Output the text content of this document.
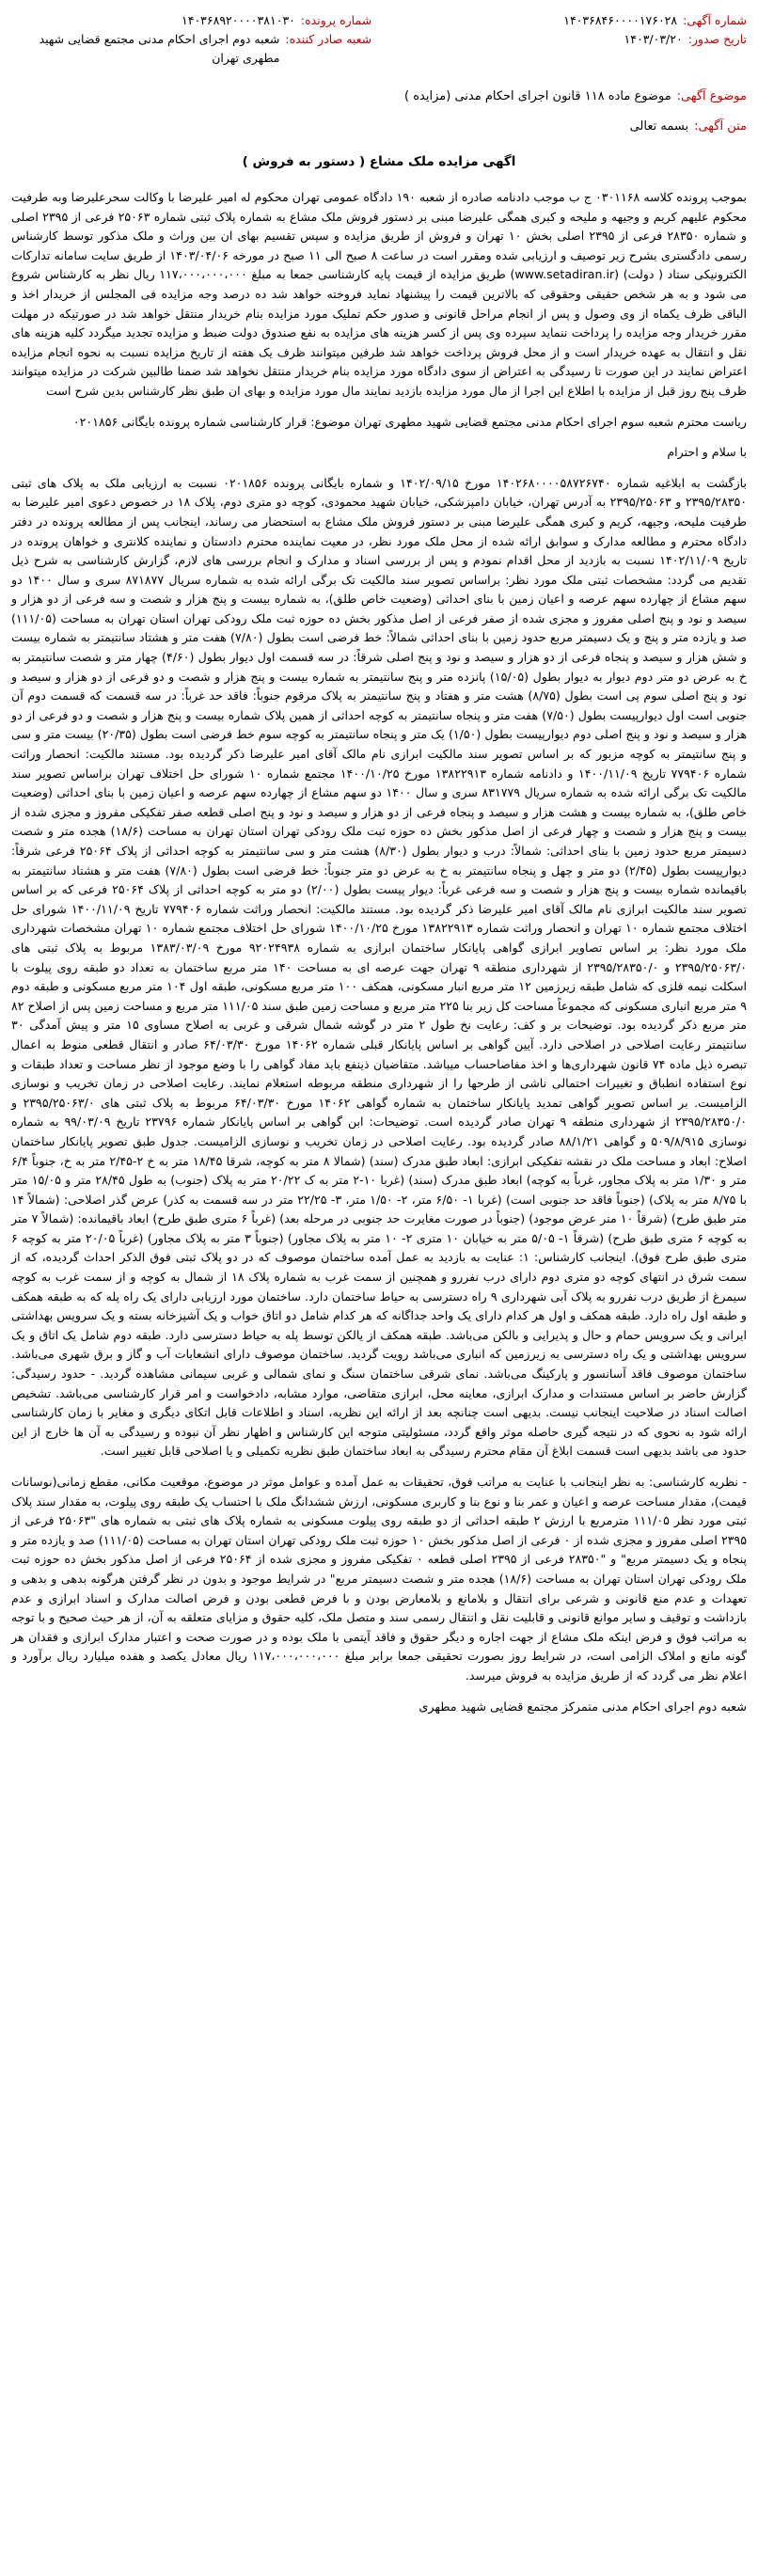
شماره آگهی:
۱۴۰۳۶۸۴۶۰۰۰۰۱۷۶۰۲۸
تاریخ صدور:
۱۴۰۳/۰۳/۲۰
شماره پرونده:
۱۴۰۳۶۸۹۲۰۰۰۰۳۸۱۰۳۰
شعبه صادر کننده:
شعبه دوم اجرای احکام مدنی مجتمع قضایی شهید مطهری تهران
موضوع آگهی:
موضوع ماده ۱۱۸ قانون اجرای احکام مدنی (مزایده )
متن آگهی:
بسمه تعالی
اگهی مزایده ملک مشاع ( دستور به فروش )

بموجب پرونده کلاسه ۰۳۰۱۱۶۸ ج ب موجب دادنامه صادره از شعبه ۱۹۰ دادگاه عمومی تهران محکوم له امیر علیرضا با وکالت سحرعلیرضا وبه طرفیت محکوم علیهم کریم و وجیهه و ملیحه و کبری همگی علیرضا مبنی بر دستور فروش ملک مشاع به شماره پلاک ثبتی شماره ۲۵۰۶۳ فرعی از ۲۳۹۵ اصلی و شماره ۲۸۳۵۰ فرعی از ۲۳۹۵ اصلی بخش ۱۰ تهران و فروش از طریق مزایده و سپس تقسیم بهای ان بین وراث و ملک مذکور توسط کارشناس رسمی دادگستری بشرح زیر توصیف و ارزیابی شده ومقرر است در ساعت ۸ صبح الی ۱۱ صبح در مورخه ۱۴۰۳/۰۴/۰۶ از طریق سایت سامانه تدارکات الکترونیکی ستاد ( دولت) (www.setadiran.ir) طریق مزایده از قیمت پایه کارشناسی جمعا به مبلغ ۱۱۷،۰۰۰،۰۰۰،۰۰۰ ریال نظر به کارشناس شروع می شود و به هر شخص حقیقی وحقوقی که بالاترین قیمت را پیشنهاد نماید فروخته خواهد شد ده درصد وجه مزایده فی المجلس از خریدار اخذ و الباقی ظرف یکماه از وی وصول و پس از انجام مراحل قانونی و صدور حکم تملیک مورد مزایده بنام خریدار منتقل خواهد شد در صورتیکه در مهلت مقرر خریدار وجه مزایده را پرداخت ننماید سپرده وی پس از کسر هزینه های مزایده به نفع صندوق دولت ضبط و مزایده تجدید میگردد کلیه هزینه های نقل و انتقال به عهده خریدار است و از محل فروش پرداخت خواهد شد طرفین میتوانند ظرف یک هفته از تاریخ مزایده نسبت به نحوه انجام مزایده اعتراض نمایند در این صورت تا رسیدگی به اعتراض از سوی دادگاه مورد مزایده بنام خریدار منتقل نخواهد شد ضمنا طالبین شرکت در مزایده میتوانند ظرف پنج روز قبل از مزایده با اطلاع این اجرا از مال مورد مزایده بازدید نمایند مال مورد مزایده و بهای ان طبق نظر کارشناس بدین شرح است

ریاست محترم شعبه سوم اجرای احکام مدنی مجتمع قضایی شهید مطهری تهران موضوع: قرار کارشناسی شماره پرونده بایگانی ۰۲۰۱۸۵۶

با سلام و احترام

بازگشت به ابلاغیه شماره ۱۴۰۲۶۸۰۰۰۰۵۸۷۲۶۷۴۰ مورخ ۱۴۰۲/۰۹/۱۵ و شماره بایگانی پرونده ۰۲۰۱۸۵۶ نسبت به ارزیابی ملک به پلاک های ثبتی ۲۳۹۵/۲۸۳۵۰ و ۲۳۹۵/۲۵۰۶۳ به آدرس تهران، خیابان دامپزشکی، خیابان شهید محمودی، کوچه دو متری دوم، پلاک ۱۸ در خصوص دعوی امیر علیرضا به طرفیت ملیحه، وجیهه، کریم و کبری همگی علیرضا مبنی بر دستور فروش ملک مشاع به استحضار می رساند، اینجانب پس از مطالعه پرونده در دفتر دادگاه محترم و مطالعه مدارک و سوابق ارائه شده از محل ملک مورد نظر، در معیت نماینده محترم دادستان و نماینده کلانتری و خواهان پرونده در تاریخ ۱۴۰۲/۱۱/۰۹ نسبت به بازدید از محل اقدام نمودم و پس از بررسی اسناد و مدارک و انجام بررسی های لازم، گزارش کارشناسی به شرح ذیل تقدیم می گردد: مشخصات ثبتی ملک مورد نظر: براساس تصویر سند مالکیت تک برگی ارائه شده به شماره سریال ۸۷۱۸۷۷ سری و سال ۱۴۰۰ دو سهم مشاع از چهارده سهم عرصه و اعیان زمین با بنای احداثی (وضعیت خاص طلق)، به شماره بیست و پنج هزار و شصت و سه فرعی از دو هزار و سیصد و نود و پنج اصلی مفروز و مجزی شده از صفر فرعی از اصل مذکور بخش ده حوزه ثبت ملک رودکی تهران استان تهران به مساحت (۱۱۱/۰۵) صد و یازده متر و پنج و یک دسیمتر مربع حدود زمین با بنای احداثی شمالاً: خط فرضی است بطول (۷/۸۰) هفت متر و هشتاد سانتیمتر به شماره بیست و شش هزار و سیصد و پنجاه فرعی از دو هزار و سیصد و نود و پنج اصلی شرقاً: در سه قسمت اول دیوار بطول (۴/۶۰) چهار متر و شصت سانتیمتر به خ به عرض دو متر دوم دیوار به دیوار بطول (۱۵/۰۵) پانزده متر و پنج سانتیمتر به شماره بیست و پنج هزار و شصت و دو فرعی از دو هزار و سیصد و نود و پنج اصلی سوم پی است بطول (۸/۷۵) هشت متر و هفتاد و پنج سانتیمتر به پلاک مرقوم جنوباً: فاقد حد غرباً: در سه قسمت که قسمت دوم آن جنوبی است اول دیوارپیست بطول (۷/۵۰) هفت متر و پنجاه سانتیمتر به کوچه احداثی از همین پلاک شماره بیست و پنج هزار و شصت و دو فرعی از دو هزار و سیصد و نود و پنج اصلی دوم دیوارپیست بطول (۱/۵۰) یک متر و پنجاه سانتیمتر به کوچه سوم خط فرضی است بطول (۲۰/۳۵) بیست متر و سی و پنج سانتیمتر به کوچه مزبور که بر اساس تصویر سند مالکیت ابرازی نام مالک آقای امیر علیرضا ذکر گردیده بود. مستند مالکیت: انحصار وراثت شماره ۷۷۹۴۰۶ تاریخ ۱۴۰۰/۱۱/۰۹ و دادنامه شماره ۱۳۸۲۲۹۱۳ مورخ ۱۴۰۰/۱۰/۲۵ مجتمع شماره ۱۰ شورای حل اختلاف تهران براساس تصویر سند مالکیت تک برگی ارائه شده به شماره سریال ۸۳۱۷۷۹ سری و سال ۱۴۰۰ دو سهم مشاع از چهارده سهم عرصه و اعیان زمین با بنای احداثی (وضعیت خاص طلق)، به شماره بیست و هشت هزار و سیصد و پنجاه فرعی از دو هزار و سیصد و نود و پنج اصلی قطعه صفر تفکیکی مفروز و مجزی شده از بیست و پنج هزار و شصت و چهار فرعی از اصل مذکور بخش ده حوزه ثبت ملک رودکی تهران استان تهران به مساحت (۱۸/۶) هجده متر و شصت دسیمتر مربع حدود زمین با بنای احداثی: شمالاً: درب و دیوار بطول (۸/۳۰) هشت متر و سی سانتیمتر به کوچه احداثی از پلاک ۲۵۰۶۴ فرعی شرقاً: دیوارپیست بطول (۲/۴۵) دو متر و چهل و پنجاه سانتیمتر به خ به عرض دو متر جنوباً: خط فرضی است بطول (۷/۸۰) هفت متر و هشتاد سانتیمتر به باقیمانده شماره بیست و پنج هزار و شصت و سه فرعی غرباً: دیوار پیست بطول (۲/۰۰) دو متر به کوچه احداثی از پلاک ۲۵۰۶۴ فرعی که بر اساس تصویر سند مالکیت ابرازی نام مالک آقای امیر علیرضا ذکر گردیده بود. مستند مالکیت: انحصار وراثت شماره ۷۷۹۴۰۶ تاریخ ۱۴۰۰/۱۱/۰۹ شورای حل اختلاف مجتمع شماره ۱۰ تهران و انحصار وراثت شماره ۱۳۸۲۲۹۱۳ مورخ ۱۴۰۰/۱۰/۲۵ شورای حل اختلاف مجتمع شماره ۱۰ تهران مشخصات شهرداری ملک مورد نظر: بر اساس تصاویر ابرازی گواهی پایانکار ساختمان ابرازی به شماره ۹۲۰۲۴۹۳۸ مورخ ۱۳۸۳/۰۳/۰۹ مربوط به پلاک ثبتی های ۲۳۹۵/۲۵۰۶۳/۰ و ۲۳۹۵/۲۸۳۵۰/۰ از شهرداری منطقه ۹ تهران جهت عرصه ای به مساحت ۱۴۰ متر مربع ساختمان به تعداد دو طبقه روی پیلوت با اسکلت نیمه فلزی که شامل طبقه زیرزمین ۱۲ متر مربع انبار مسکونی، همکف ۱۰۰ متر مربع مسکونی، طبقه اول ۱۰۴ متر مربع مسکونی و طبقه دوم ۹ متر مربع انباری مسکونی که مجموعاً مساحت کل زیر بنا ۲۲۵ متر مربع و مساحت زمین طبق سند ۱۱۱/۰۵ متر مربع و مساحت زمین پس از اصلاح ۸۲ متر مربع ذکر گردیده بود. توضیحات بر و کف: رعایت نخ طول ۲ متر در گوشه شمال شرقی و غربی به اصلاح مساوی ۱۵ متر و پیش آمدگی ۳۰ سانتیمتر رعایت اصلاحی در اصلاحی دارد. آیین گواهی بر اساس پایانکار قبلی شماره ۱۴۰۶۲ مورخ ۶۴/۰۳/۳۰ صادر و انتقال قطعی منوط به اعمال تبصره ذیل ماده ۷۴ قانون شهرداری‌ها و اخذ مفاصاحساب میباشد. متقاضیان ذینفع باید مفاد گواهی را با وضع موجود از نظر مساحت و تعداد طبقات و نوع استفاده انطباق و تغییرات احتمالی ناشی از طرحها را از شهرداری منطقه مربوطه استعلام نمایند. رعایت اصلاحی در زمان تخریب و نوسازی الزامیست. بر اساس تصویر گواهی تمدید پایانکار ساختمان به شماره گواهی ۱۴۰۶۲ مورخ ۶۴/۰۳/۳۰ مربوط به پلاک ثبتی های ۲۳۹۵/۲۵۰۶۳/۰ و ۲۳۹۵/۲۸۳۵۰/۰ از شهرداری منطقه ۹ تهران صادر گردیده است. توضیحات: ابن گواهی بر اساس پایانکار شماره ۲۳۷۹۶ تاریخ ۹۹/۰۳/۰۹ به شماره نوسازی ۵۰۹/۸/۹۱۵ و گواهی ۸۸/۱/۲۱ صادر گردیده بود. رعایت اصلاحی در زمان تخریب و نوسازی الزامیست. جدول طبق تصویر پایانکار ساختمان اصلاح: ابعاد و مساحت ملک در نقشه تفکیکی ابرازی: ابعاد طبق مدرک (سند) (شمالا ۸ متر به کوچه، شرقا ۱۸/۴۵ متر به خ ۲-۲/۴۵ متر به خ، جنوباً ۶/۴ متر و ۱/۳۰ متر به پلاک مجاور، غرباً به کوچه) ابعاد طبق مدرک (سند) (غربا ۱۰-۲ متر به ک ۲۰/۲۲ متر به پلاک (جنوب) به طول ۲۸/۴۵ متر و ۱۵/۰۵ متر با ۸/۷۵ متر به پلاک) (جنوباً فاقد حد جنوبی است) (غربا ۱- ۶/۵۰ متر، ۲- ۱/۵۰ متر، ۳- ۲۲/۲۵ متر در سه قسمت به کذر) عرض گذر اصلاحی: (شمالاً ۱۴ متر طبق طرح) (شرقاً ۱۰ متر عرض موجود) (جنوباً در صورت مغایرت حد جنوبی در مرحله بعد) (غرباً ۶ متری طبق طرح) ابعاد باقیمانده: (شمالاً ۷ متر به کوچه ۶ متری طبق طرح) (شرقاً ۱- ۵/۰۵ متر به خیابان ۱۰ متری ۲- ۱۰ متر به پلاک مجاور) (جنوباً ۳ متر به پلاک مجاور) (غرباً ۲۰/۰۵ متر به کوچه ۶ متری طبق طرح فوق). اینجانب کارشناس: ۱: عنایت به بازدید به عمل آمده ساختمان موصوف که در دو پلاک ثبتی فوق الذکر احداث گردیده، که از سمت شرق در انتهای کوچه دو متری دوم دارای درب نفررو و همچنین از سمت غرب به شماره پلاک ۱۸ از شمال به کوچه و از سمت غرب به کوچه سیمرغ از طریق درب نفررو به پلاک آبی شهرداری ۹ راه دسترسی به حیاط ساختمان دارد. ساختمان مورد ارزیابی دارای یک راه پله که به طبقه همکف و طبقه اول راه دارد. طبقه همکف و اول هر کدام دارای یک واحد جداگانه که هر کدام شامل دو اتاق خواب و یک آشپزخانه بسته و یک سرویس بهداشتی ایرانی و یک سرویس حمام و حال و پذیرایی و بالکن می‌باشد. طبقه همکف از یالکن توسط پله به حیاط دسترسی دارد. طبقه دوم شامل یک اتاق و یک سرویس بهداشتی و یک راه دسترسی به زیرزمین که انباری می‌باشد رویت گردید. ساختمان موصوف دارای انشعابات آب و گاز و برق شهری می‌باشد. ساختمان موصوف فاقد آسانسور و پارکینگ می‌باشد. نمای شرقی ساختمان سنگ و نمای شمالی و غربی سیمانی مشاهده گردید. - حدود رسیدگی: گزارش حاضر بر اساس مستندات و مدارک ابرازی، معاینه محل، ابرازی متقاضی، موارد مشابه، دادخواست و امر قرار کارشناسی می‌باشد. تشخیص اصالت اسناد در صلاحیت اینجانب نیست. بدیهی است چنانچه بعد از ارائه این نظریه، اسناد و اطلاعات قابل اتکای دیگری و مغایر با زمان کارشناسی ارائه شود به نحوی که در نتیجه گیری حاصله موثر واقع گردد، مسئولیتی متوجه این کارشناس و اظهار نظر آن نبوده و رسیدگی به آن ها خارج از این حدود می باشد بدیهی است قسمت ابلاغ آن مقام محترم رسیدگی به ابعاد ساختمان طبق نظریه تکمیلی و یا اصلاحی قابل تغییر است.

- نظریه کارشناسی: به نظر اینجانب با عنایت به مراتب فوق، تحقیقات به عمل آمده و عوامل موثر در موضوع، موقعیت مکانی، مقطع زمانی(نوسانات قیمت)، مقدار مساحت عرصه و اعیان و عمر بنا و نوع بنا و کاربری مسکونی، ارزش ششدانگ ملک با احتساب یک طبقه روی پیلوت، به مقدار سند پلاک ثبتی مورد نظر ۱۱۱/۰۵ مترمربع با ارزش ۲ طبقه احداثی از دو طبقه روی پیلوت مسکونی به شماره پلاک های ثبتی به شماره های "۲۵۰۶۳ فرعی از ۲۳۹۵ اصلی مفروز و مجزی شده از ۰ فرعی از اصل مذکور بخش ۱۰ حوزه ثبت ملک رودکی تهران استان تهران به مساحت (۱۱۱/۰۵) صد و یازده متر و پنجاه و یک دسیمتر مربع" و "۲۸۳۵۰ فرعی از ۲۳۹۵ اصلی قطعه ۰ تفکیکی مفروز و مجزی شده از ۲۵۰۶۴ فرعی از اصل مذکور بخش ده حوزه ثبت ملک رودکی تهران استان تهران به مساحت (۱۸/۶) هجده متر و شصت دسیمتر مربع" در شرایط موجود و بدون در نظر گرفتن هرگونه بدهی و بدهی و تعهدات و عدم منع قانونی و شرعی برای انتقال و بلامانع و بلامعارض بودن و با فرض قطعی بودن و فرض اصالت مدارک و اسناد ابرازی و عدم بازداشت و توقیف و سایر موانع قانونی و قابلیت نقل و انتقال رسمی سند و متصل ملک، کلیه حقوق و مزایای متعلقه به آن، از هر حیث صحیح و با توجه به مراتب فوق و فرض اینکه ملک مشاع از جهت اجاره و دیگر حقوق و فاقد آیتمی با ملک بوده و در صورت صحت و اعتبار مدارک ابرازی و فقدان هر گونه مانع و املاک الزامی است، در شرایط روز بصورت تحقیقی جمعا برابر مبلغ ۱۱۷،۰۰۰،۰۰۰،۰۰۰ ریال معادل یکصد و هفده میلیارد ریال برآورد و اعلام نظر می گردد که از طریق مزایده به فروش میرسد.

شعبه دوم اجرای احکام مدنی متمرکز مجتمع قضایی شهید مطهری
